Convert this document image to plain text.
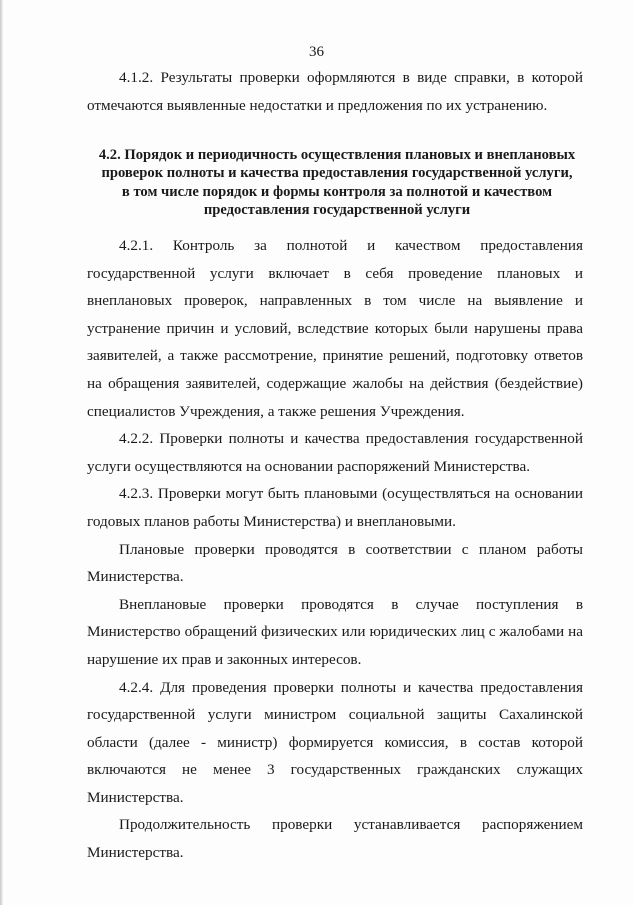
36

4.1.2. Результаты проверки оформляются в виде справки, в которой отмечаются выявленные недостатки и предложения по их устранению.

4.2. Порядок и периодичность осуществления плановых и внеплановых проверок полноты и качества предоставления государственной услуги, в том числе порядок и формы контроля за полнотой и качеством предоставления государственной услуги

4.2.1. Контроль за полнотой и качеством предоставления государственной услуги включает в себя проведение плановых и внеплановых проверок, направленных в том числе на выявление и устранение причин и условий, вследствие которых были нарушены права заявителей, а также рассмотрение, принятие решений, подготовку ответов на обращения заявителей, содержащие жалобы на действия (бездействие) специалистов Учреждения, а также решения Учреждения.

4.2.2. Проверки полноты и качества предоставления государственной услуги осуществляются на основании распоряжений Министерства.

4.2.3. Проверки могут быть плановыми (осуществляться на основании годовых планов работы Министерства) и внеплановыми.

Плановые проверки проводятся в соответствии с планом работы Министерства.

Внеплановые проверки проводятся в случае поступления в Министерство обращений физических или юридических лиц с жалобами на нарушение их прав и законных интересов.

4.2.4. Для проведения проверки полноты и качества предоставления государственной услуги министром социальной защиты Сахалинской области (далее - министр) формируется комиссия, в состав которой включаются не менее 3 государственных гражданских служащих Министерства.

Продолжительность проверки устанавливается распоряжением Министерства.
